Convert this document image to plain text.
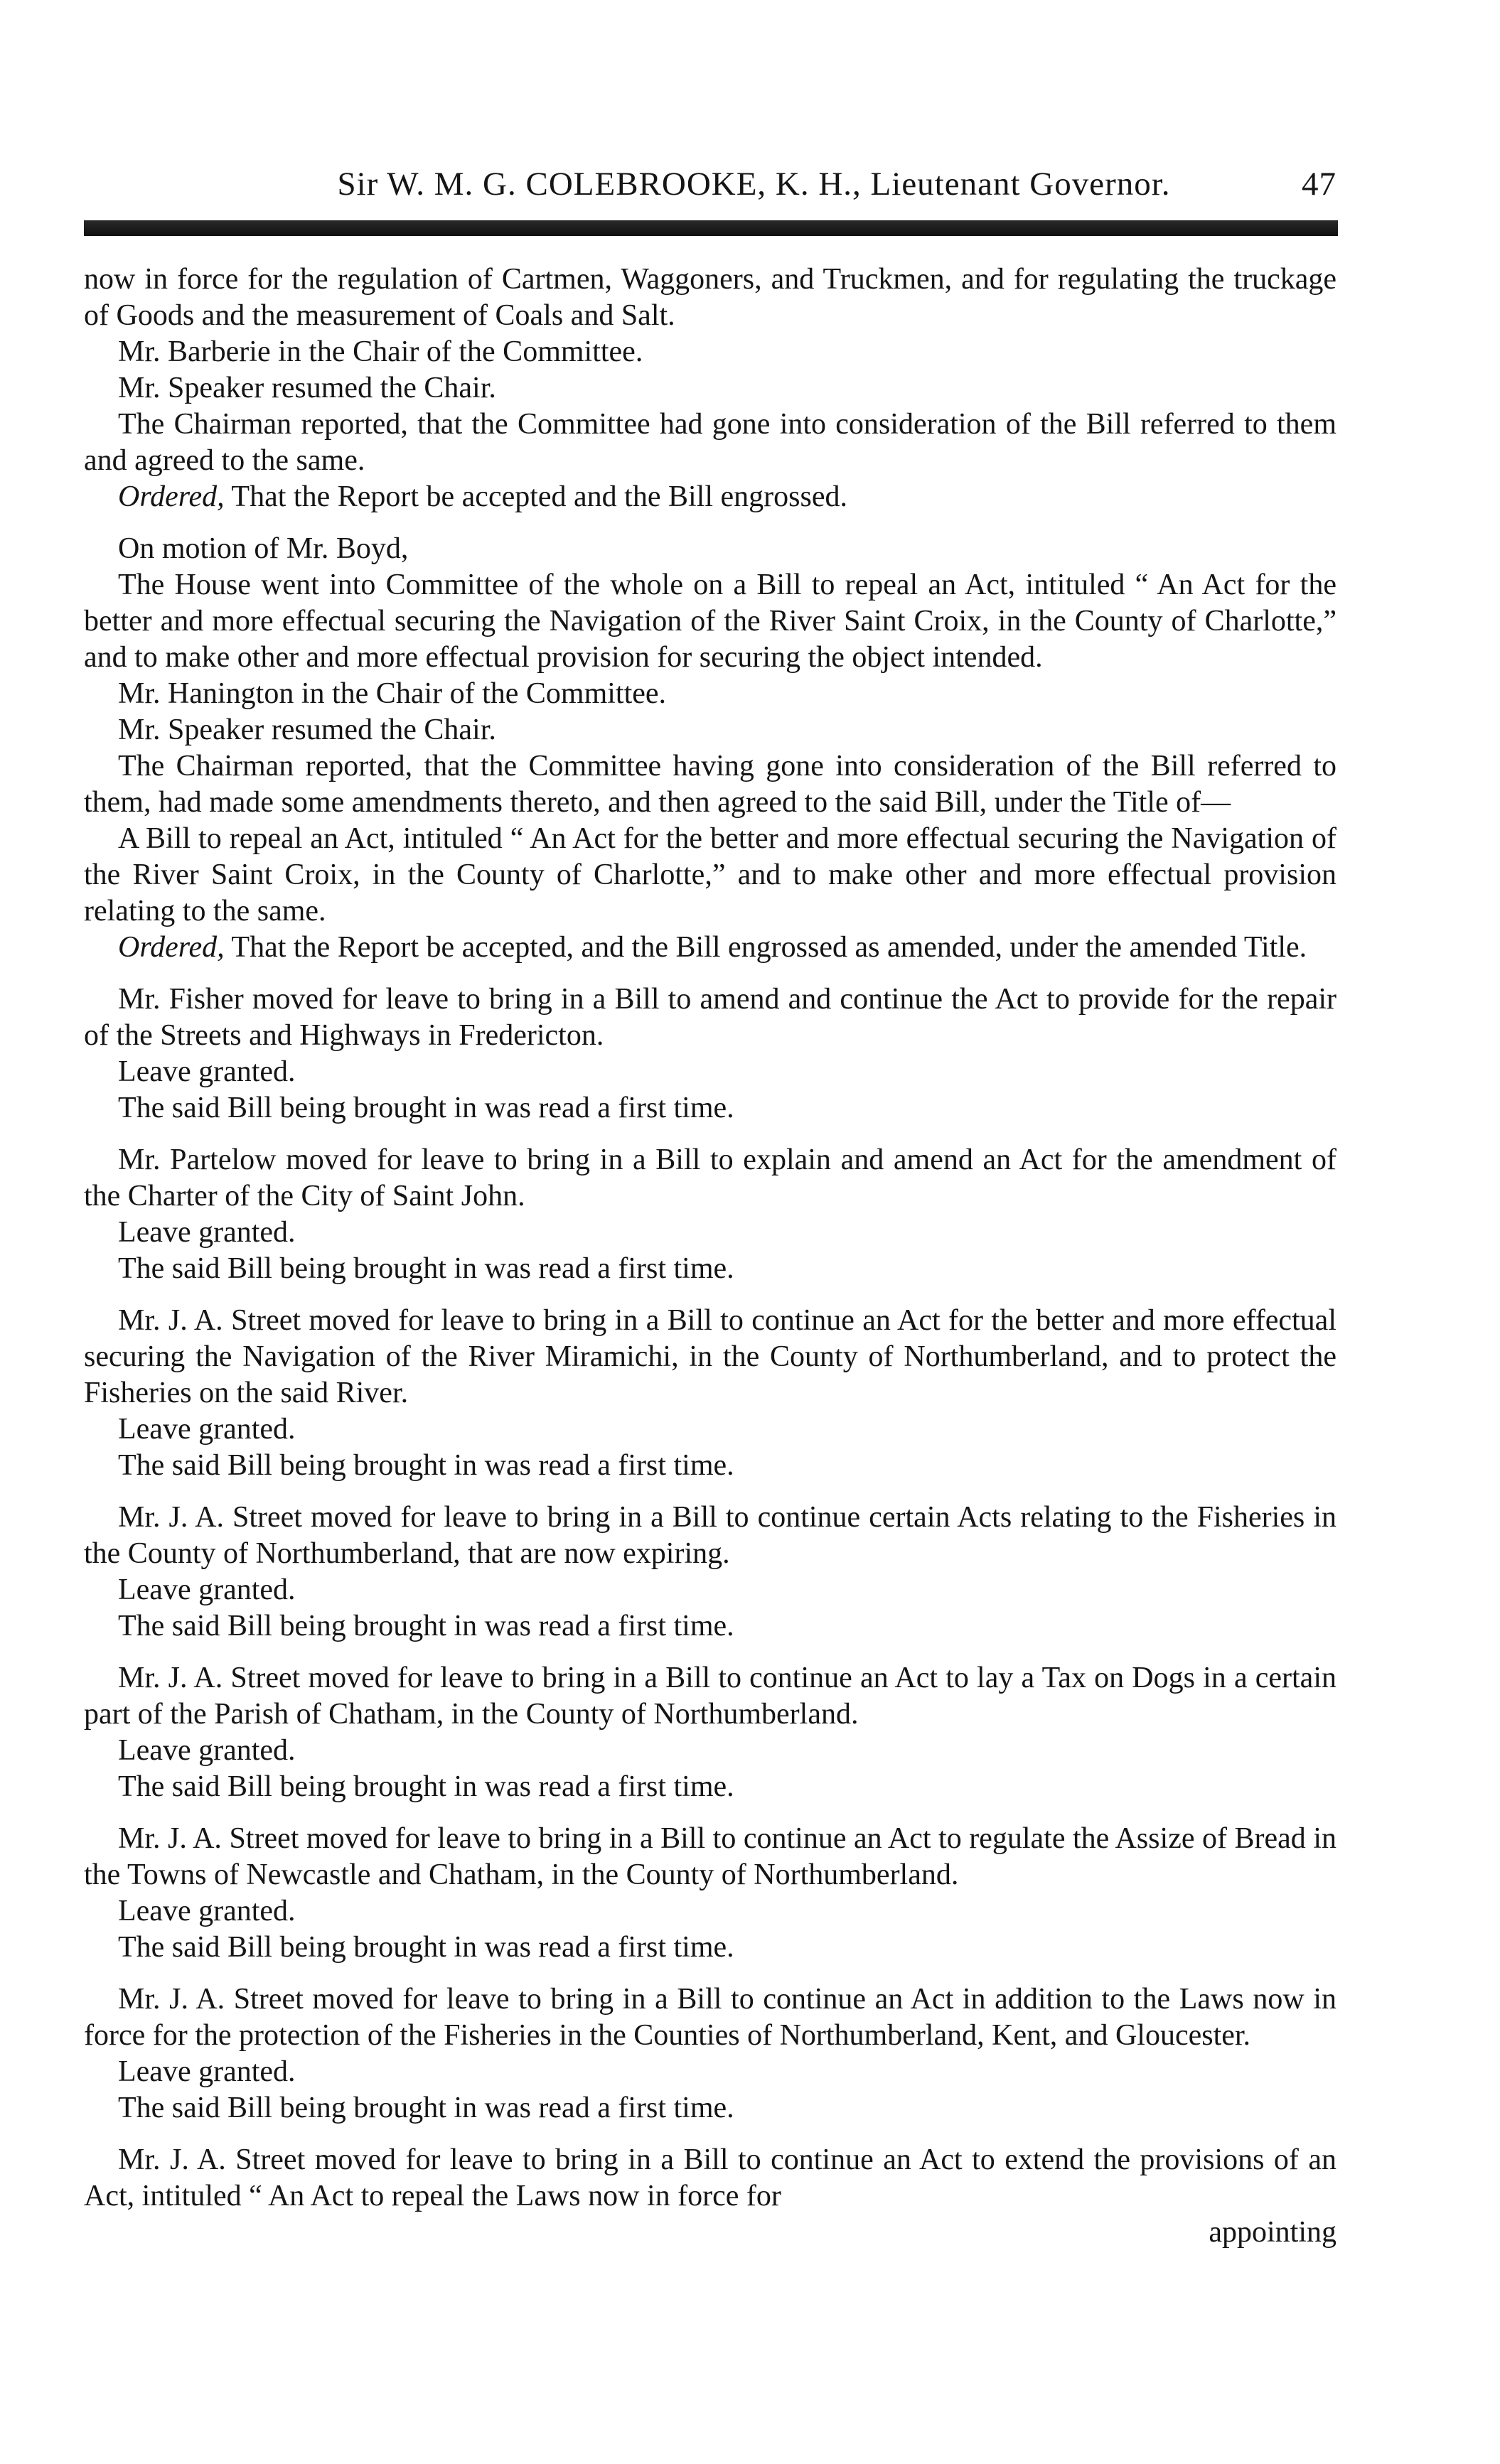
Sir W. M. G. COLEBROOKE, K. H., Lieutenant Governor.	47

now in force for the regulation of Cartmen, Waggoners, and Truckmen, and for regulating the truckage of Goods and the measurement of Coals and Salt.

Mr. Barberie in the Chair of the Committee.

Mr. Speaker resumed the Chair.

The Chairman reported, that the Committee had gone into consideration of the Bill referred to them and agreed to the same.

Ordered, That the Report be accepted and the Bill engrossed.

On motion of Mr. Boyd,

The House went into Committee of the whole on a Bill to repeal an Act, intituled “ An Act for the better and more effectual securing the Navigation of the River Saint Croix, in the County of Charlotte,” and to make other and more effectual provision for securing the object intended.

Mr. Hanington in the Chair of the Committee.

Mr. Speaker resumed the Chair.

The Chairman reported, that the Committee having gone into consideration of the Bill referred to them, had made some amendments thereto, and then agreed to the said Bill, under the Title of—

A Bill to repeal an Act, intituled “ An Act for the better and more effectual securing the Navigation of the River Saint Croix, in the County of Charlotte,” and to make other and more effectual provision relating to the same.

Ordered, That the Report be accepted, and the Bill engrossed as amended, under the amended Title.

Mr. Fisher moved for leave to bring in a Bill to amend and continue the Act to provide for the repair of the Streets and Highways in Fredericton.

Leave granted.

The said Bill being brought in was read a first time.

Mr. Partelow moved for leave to bring in a Bill to explain and amend an Act for the amendment of the Charter of the City of Saint John.

Leave granted.

The said Bill being brought in was read a first time.

Mr. J. A. Street moved for leave to bring in a Bill to continue an Act for the better and more effectual securing the Navigation of the River Miramichi, in the County of Northumberland, and to protect the Fisheries on the said River.

Leave granted.

The said Bill being brought in was read a first time.

Mr. J. A. Street moved for leave to bring in a Bill to continue certain Acts relating to the Fisheries in the County of Northumberland, that are now expiring.

Leave granted.

The said Bill being brought in was read a first time.

Mr. J. A. Street moved for leave to bring in a Bill to continue an Act to lay a Tax on Dogs in a certain part of the Parish of Chatham, in the County of Northumberland.

Leave granted.

The said Bill being brought in was read a first time.

Mr. J. A. Street moved for leave to bring in a Bill to continue an Act to regulate the Assize of Bread in the Towns of Newcastle and Chatham, in the County of Northumberland.

Leave granted.

The said Bill being brought in was read a first time.

Mr. J. A. Street moved for leave to bring in a Bill to continue an Act in addition to the Laws now in force for the protection of the Fisheries in the Counties of Northumberland, Kent, and Gloucester.

Leave granted.

The said Bill being brought in was read a first time.

Mr. J. A. Street moved for leave to bring in a Bill to continue an Act to extend the provisions of an Act, intituled “ An Act to repeal the Laws now in force for

appointing
